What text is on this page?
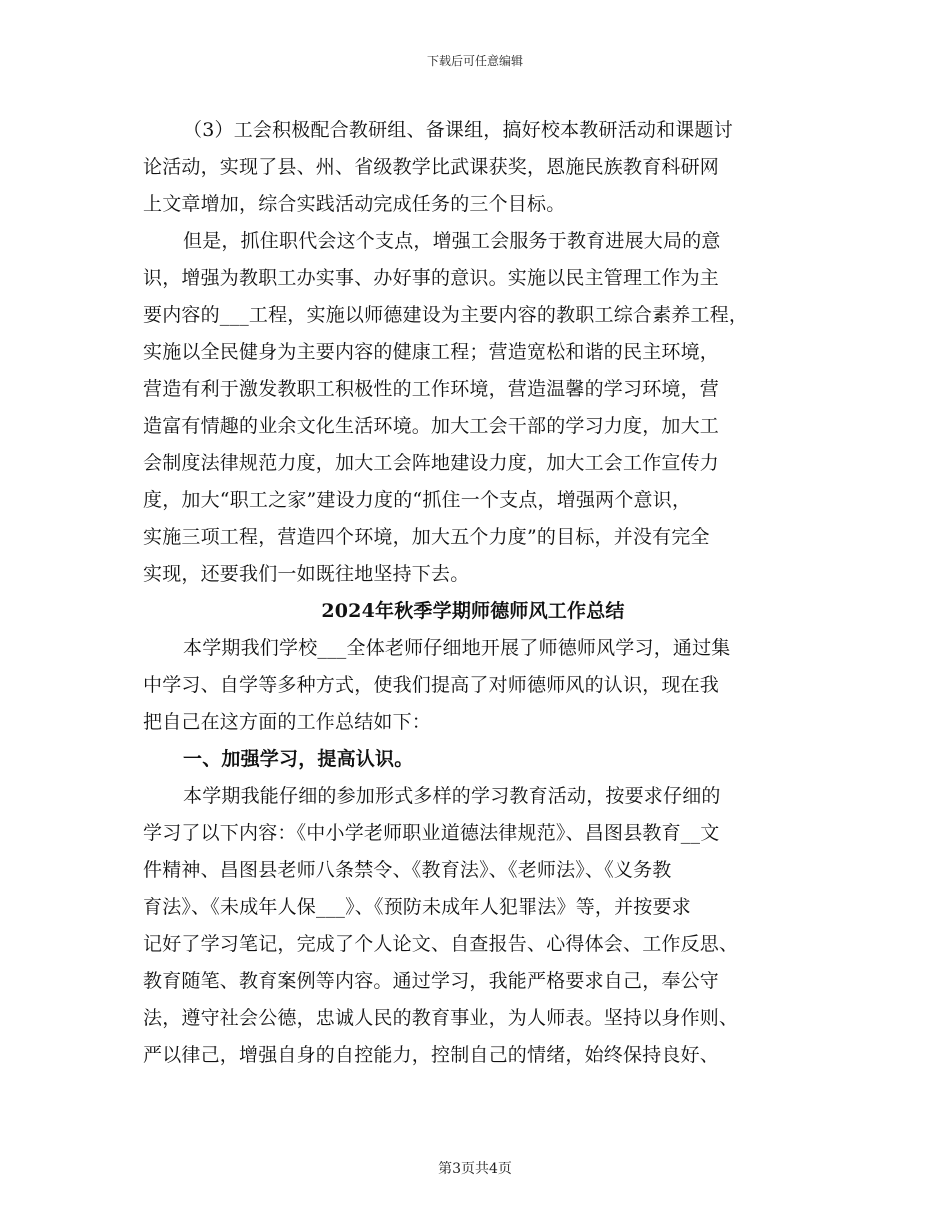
下载后可任意编辑
（3）工会积极配合教研组、备课组，搞好校本教研活动和课题讨
论活动，实现了县、州、省级教学比武课获奖，恩施民族教育科研网
上文章增加，综合实践活动完成任务的三个目标。
但是，抓住职代会这个支点，增强工会服务于教育进展大局的意
识，增强为教职工办实事、办好事的意识。实施以民主管理工作为主
要内容的___工程，实施以师德建设为主要内容的教职工综合素养工程，
实施以全民健身为主要内容的健康工程；营造宽松和谐的民主环境，
营造有利于激发教职工积极性的工作环境，营造温馨的学习环境，营
造富有情趣的业余文化生活环境。加大工会干部的学习力度，加大工
会制度法律规范力度，加大工会阵地建设力度，加大工会工作宣传力
度，加大“职工之家”建设力度的“抓住一个支点，增强两个意识，
实施三项工程，营造四个环境，加大五个力度”的目标，并没有完全
实现，还要我们一如既往地坚持下去。
2024年秋季学期师德师风工作总结
本学期我们学校___全体老师仔细地开展了师德师风学习，通过集
中学习、自学等多种方式，使我们提高了对师德师风的认识，现在我
把自己在这方面的工作总结如下：
一、加强学习，提高认识。
本学期我能仔细的参加形式多样的学习教育活动，按要求仔细的
学习了以下内容：《中小学老师职业道德法律规范》、昌图县教育__文
件精神、昌图县老师八条禁令、《教育法》、《老师法》、《义务教
育法》、《未成年人保___》、《预防未成年人犯罪法》等，并按要求
记好了学习笔记，完成了个人论文、自查报告、心得体会、工作反思、
教育随笔、教育案例等内容。通过学习，我能严格要求自己，奉公守
法，遵守社会公德，忠诚人民的教育事业，为人师表。坚持以身作则、
严以律己，增强自身的自控能力，控制自己的情绪，始终保持良好、
第3页共4页
